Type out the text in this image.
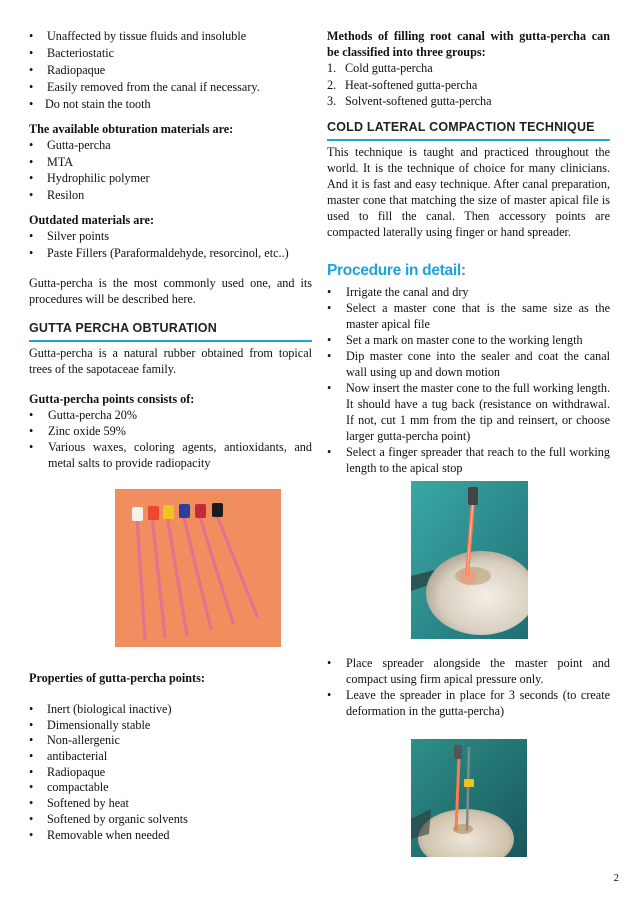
• Unaffected by tissue fluids and insoluble
• Bacteriostatic
• Radiopaque
• Easily removed from the canal if necessary.
• Do not stain the tooth
The available obturation materials are:
• Gutta-percha
• MTA
• Hydrophilic polymer
• Resilon
Outdated materials are:
• Silver points
• Paste Fillers (Paraformaldehyde, resorcinol, etc..)
Gutta-percha is the most commonly used one, and its
procedures will be described here.
GUTTA PERCHA OBTURATION
Gutta-percha is a natural rubber obtained from topical
trees of the sapotaceae family.
Gutta-percha points consists of:
• Gutta-percha 20%
• Zinc oxide 59%
• Various waxes, coloring agents, antioxidants, and metal salts to provide radiopacity
Properties of gutta-percha points:
• Inert (biological inactive)
• Dimensionally stable
• Non-allergenic
• antibacterial
• Radiopaque
• compactable
• Softened by heat
• Softened by organic solvents
• Removable when needed
Methods of filling root canal with gutta-percha can
be classified into three groups:
1. Cold gutta-percha
2. Heat-softened gutta-percha
3. Solvent-softened gutta-percha
COLD LATERAL COMPACTION TECHNIQUE
This technique is taught and practiced throughout the world. It is the technique of choice for many clinicians. And it is fast and easy technique. After canal preparation, master cone that matching the size of master apical file is used to fill the canal. Then accessory points are compacted laterally using finger or hand spreader.
Procedure in detail:
• Irrigate the canal and dry
• Select a master cone that is the same size as the master apical file
• Set a mark on master cone to the working length
• Dip master cone into the sealer and coat the canal wall using up and down motion
• Now insert the master cone to the full working length. It should have a tug back (resistance on withdrawal. If not, cut 1 mm from the tip and reinsert, or choose larger gutta-percha point)
• Select a finger spreader that reach to the full working length to the apical stop
• Place spreader alongside the master point and compact using firm apical pressure only.
• Leave the spreader in place for 3 seconds (to create deformation in the gutta-percha)
2
